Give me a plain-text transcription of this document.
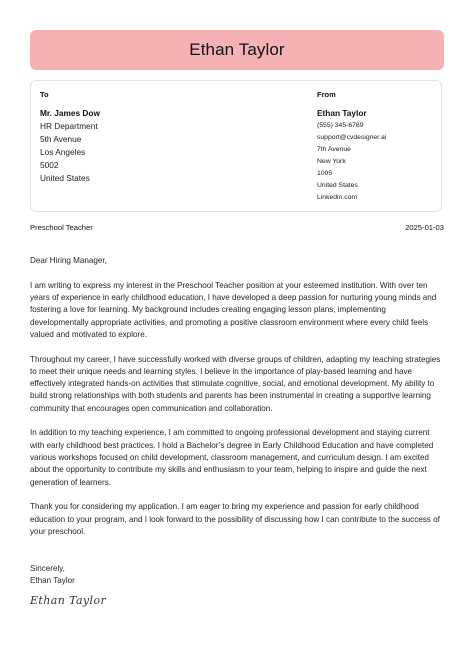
Ethan Taylor
To
Mr. James Dow
HR Department
5th Avenue
Los Angeles
5002
United States
From
Ethan Taylor
(555) 345-6789
support@cvdesigner.ai
7th Avenue
New York
1005
United States
Linkedin.com
Preschool Teacher	2025-01-03

Dear Hiring Manager,

I am writing to express my interest in the Preschool Teacher position at your esteemed institution. With over ten years of experience in early childhood education, I have developed a deep passion for nurturing young minds and fostering a love for learning. My background includes creating engaging lesson plans, implementing developmentally appropriate activities, and promoting a positive classroom environment where every child feels valued and motivated to explore.

Throughout my career, I have successfully worked with diverse groups of children, adapting my teaching strategies to meet their unique needs and learning styles. I believe in the importance of play-based learning and have effectively integrated hands-on activities that stimulate cognitive, social, and emotional development. My ability to build strong relationships with both students and parents has been instrumental in creating a supportive learning community that encourages open communication and collaboration.

In addition to my teaching experience, I am committed to ongoing professional development and staying current with early childhood best practices. I hold a Bachelor’s degree in Early Childhood Education and have completed various workshops focused on child development, classroom management, and curriculum design. I am excited about the opportunity to contribute my skills and enthusiasm to your team, helping to inspire and guide the next generation of learners.

Thank you for considering my application. I am eager to bring my experience and passion for early childhood education to your program, and I look forward to the possibility of discussing how I can contribute to the success of your preschool.

Sincerely,
Ethan Taylor
Ethan Taylor
